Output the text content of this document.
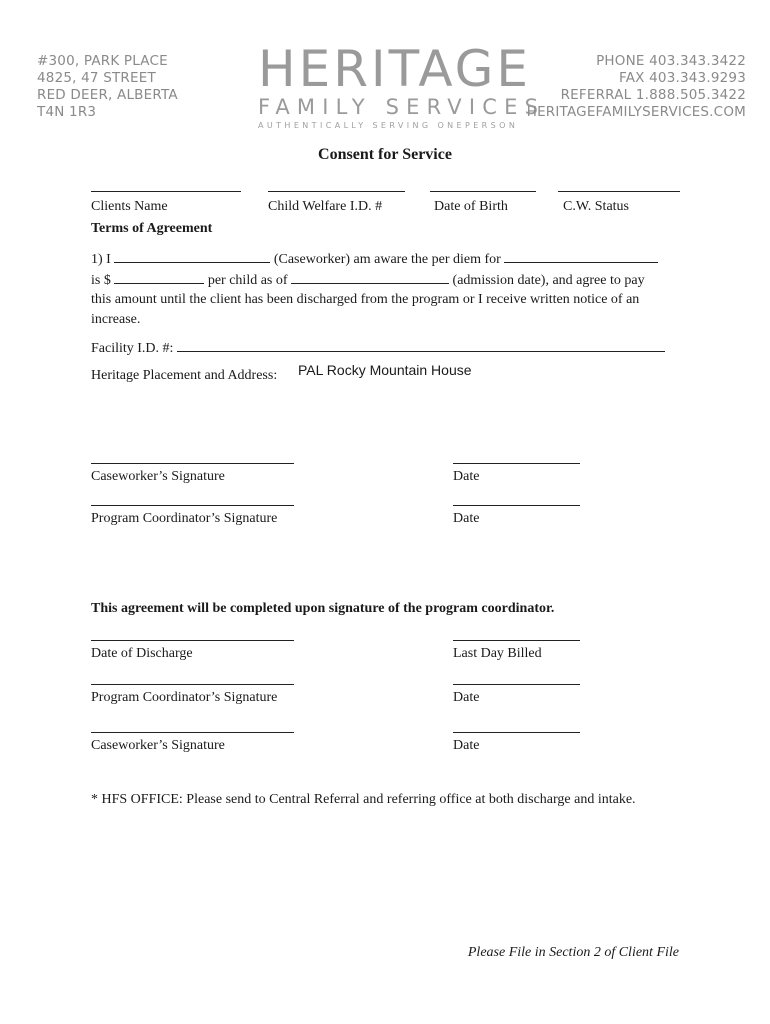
#300, PARK PLACE
4825, 47 STREET
RED DEER, ALBERTA
T4N 1R3
HERITAGE
FAMILY SERVICES
AUTHENTICALLY SERVING ONEPERSON
PHONE 403.343.3422
FAX 403.343.9293
REFERRAL 1.888.505.3422
HERITAGEFAMILYSERVICES.COM
Consent for Service
Clients Name	Child Welfare I.D. #	Date of Birth	C.W. Status
Terms of Agreement
1) I	(Caseworker) am aware the per diem for
is $	per child as of	(admission date), and agree to pay
this amount until the client has been discharged from the program or I receive written notice of an
increase.
Facility I.D. #:
Heritage Placement and Address: PAL Rocky Mountain House
Caseworker’s Signature	Date
Program Coordinator’s Signature	Date
This agreement will be completed upon signature of the program coordinator.
Date of Discharge	Last Day Billed
Program Coordinator’s Signature	Date
Caseworker’s Signature	Date
* HFS OFFICE: Please send to Central Referral and referring office at both discharge and intake.
Please File in Section 2 of Client File
